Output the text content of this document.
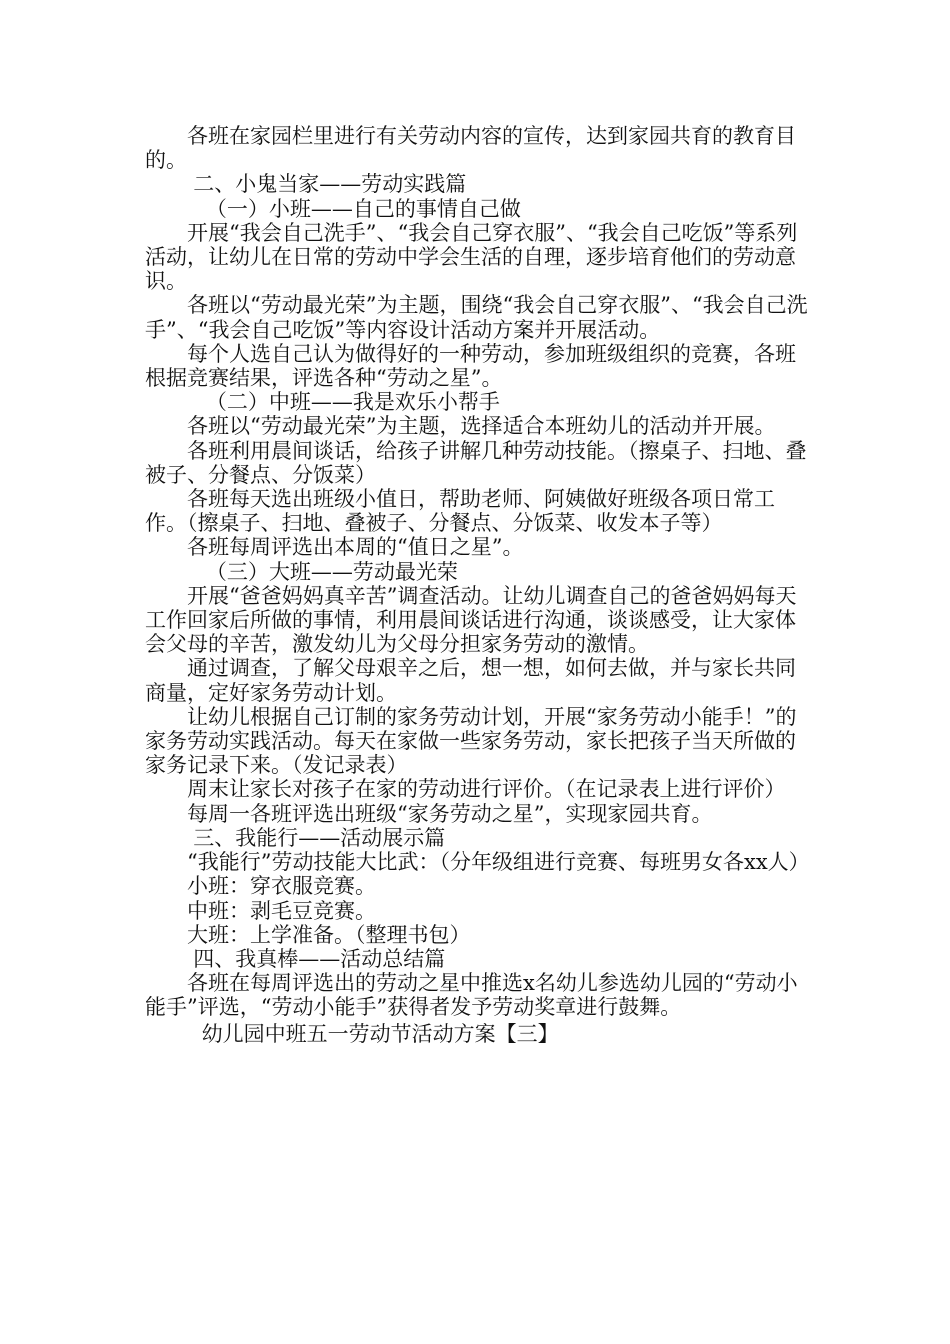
各班在家园栏里进行有关劳动内容的宣传，达到家园共育的教育目的。

二、小鬼当家——劳动实践篇

（一）小班——自己的事情自己做

开展“我会自己洗手”、“我会自己穿衣服”、“我会自己吃饭”等系列活动，让幼儿在日常的劳动中学会生活的自理，逐步培育他们的劳动意识。

各班以“劳动最光荣”为主题，围绕“我会自己穿衣服”、“我会自己洗手”、“我会自己吃饭”等内容设计活动方案并开展活动。

每个人选自己认为做得好的一种劳动，参加班级组织的竞赛，各班根据竞赛结果，评选各种“劳动之星”。

（二）中班——我是欢乐小帮手

各班以“劳动最光荣”为主题，选择适合本班幼儿的活动并开展。

各班利用晨间谈话，给孩子讲解几种劳动技能。（擦桌子、扫地、叠被子、分餐点、分饭菜）

各班每天选出班级小值日，帮助老师、阿姨做好班级各项日常工作。（擦桌子、扫地、叠被子、分餐点、分饭菜、收发本子等）

各班每周评选出本周的“值日之星”。

（三）大班——劳动最光荣

开展“爸爸妈妈真辛苦”调查活动。让幼儿调查自己的爸爸妈妈每天工作回家后所做的事情，利用晨间谈话进行沟通，谈谈感受，让大家体会父母的辛苦，激发幼儿为父母分担家务劳动的激情。

通过调查，了解父母艰辛之后，想一想，如何去做，并与家长共同商量，定好家务劳动计划。

让幼儿根据自己订制的家务劳动计划，开展“家务劳动小能手！”的家务劳动实践活动。每天在家做一些家务劳动，家长把孩子当天所做的家务记录下来。（发记录表）

周末让家长对孩子在家的劳动进行评价。（在记录表上进行评价）

每周一各班评选出班级“家务劳动之星”，实现家园共育。

三、我能行——活动展示篇

“我能行”劳动技能大比武：（分年级组进行竞赛、每班男女各xx人）

小班：穿衣服竞赛。

中班：剥毛豆竞赛。

大班：上学准备。（整理书包）

四、我真棒——活动总结篇

各班在每周评选出的劳动之星中推选x名幼儿参选幼儿园的“劳动小能手”评选，“劳动小能手”获得者发予劳动奖章进行鼓舞。

幼儿园中班五一劳动节活动方案【三】
